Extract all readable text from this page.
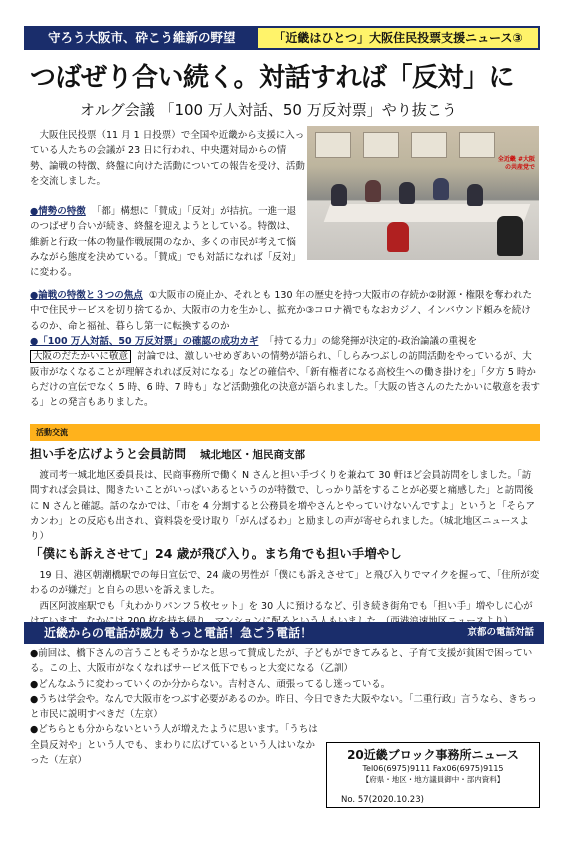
守ろう大阪市、砕こう維新の野望	「近畿はひとつ」大阪住民投票支援ニュース③
つばぜり合い続く。対話すれば「反対」に
オルグ会議 「100 万人対話、50 万反対票」やり抜こう
大阪住民投票（11 月 1 日投票）で全国や近畿から支援に入っている人たちの会議が 23 日に行われ、中央選対局からの情勢、論戦の特徴、終盤に向けた活動についての報告を受け、活動を交流しました。
全近畿 #大阪の共産党で
●情勢の特徴 「都」構想に「賛成」「反対」が拮抗。一進一退のつばぜり合いが続き、終盤を迎えようとしている。特徴は、維新と行政一体の物量作戦展開のなか、多くの市民が考えて悩みながら態度を決めている。「賛成」でも対話になれば「反対」に変わる。
●論戦の特徴と３つの焦点 ①大阪市の廃止か、それとも 130 年の歴史を持つ大阪市の存続か②財源・権限を奪われた中で住民サービスを切り捨てるか、大阪市の力を生かし、拡充か③コロナ禍でもなおカジノ、インバウンド頼みを続けるのか、命と福祉、暮らし第一に転換するのか
●「100 万人対話、50 万反対票」の確認の成功カギ 「持てる力」の総発揮が決定的-政治論議の重視を
大阪のだたかいに敬意 討論では、激しいせめぎあいの情勢が語られ、「しらみつぶしの訪問活動をやっているが、大阪市がなくなることが理解されれば反対になる」などの確信や、「新有権者になる高校生への働き掛けを」「夕方 5 時からだけの宣伝でなく 5 時、6 時、7 時も」など活動強化の決意が語られました。「大阪の皆さんのたたかいに敬意を表する」との発言もありました。
活動交流
担い手を広げようと会員訪問 城北地区・旭民商支部
渡司考一城北地区委員長は、民商事務所で働く N さんと担い手づくりを兼ねて 30 軒ほど会員訪問をしました。「訪問すれば会員は、聞きたいことがいっぱいあるというのが特徴で、しっかり話をすることが必要と痛感した」と訪問後に N さんと確認。話のなかでは、「市を 4 分割すると公務員を増やさんとやっていけないんですよ」というと「そらアカンわ」との反応も出され、資料袋を受け取り「がんばるわ」と励ましの声が寄せられました。（城北地区ニュースより）
「僕にも訴えさせて」24 歳が飛び入り。まち角でも担い手増やし
19 日、港区朝潮橋駅での毎日宣伝で、24 歳の男性が「僕にも訴えさせて」と飛び入りでマイクを握って、「住所が変わるのが嫌だ」と自らの思いを訴えました。
西区阿波座駅でも「丸わかりパンフ５枚セット」を 30 人に預けるなど、引き続き街角でも「担い手」増やしに心が
近畿からの電話が威力 もっと電話！急ごう電話！	京都の電話対話
●前回は、橋下さんの言うこともそうかなと思って賛成したが、子どもができてみると、子育て支援が貧困で困っている。この上、大阪市がなくなればサービス低下でもっと大変になる（乙訓）
●どんなふうに変わっていくのか分からない。吉村さん、頑張ってるし迷っている。
●うちは学会や。なんで大阪市をつぶす必要があるのか。昨日、今日できた大阪やない。「二重行政」言うなら、きちっと市民に説明すべきだ（左京）
●どちらとも分からないという人が増えたように思います。「うちは全員反対や」という人でも、まわりに広げているという人はいなかった（左京）	20近畿ブロック事務所ニュース
Tel06(6975)9111 Fax06(6975)9115
【府県・地区・地方議員御中・部内資料】
No. 57(2020.10.23)
